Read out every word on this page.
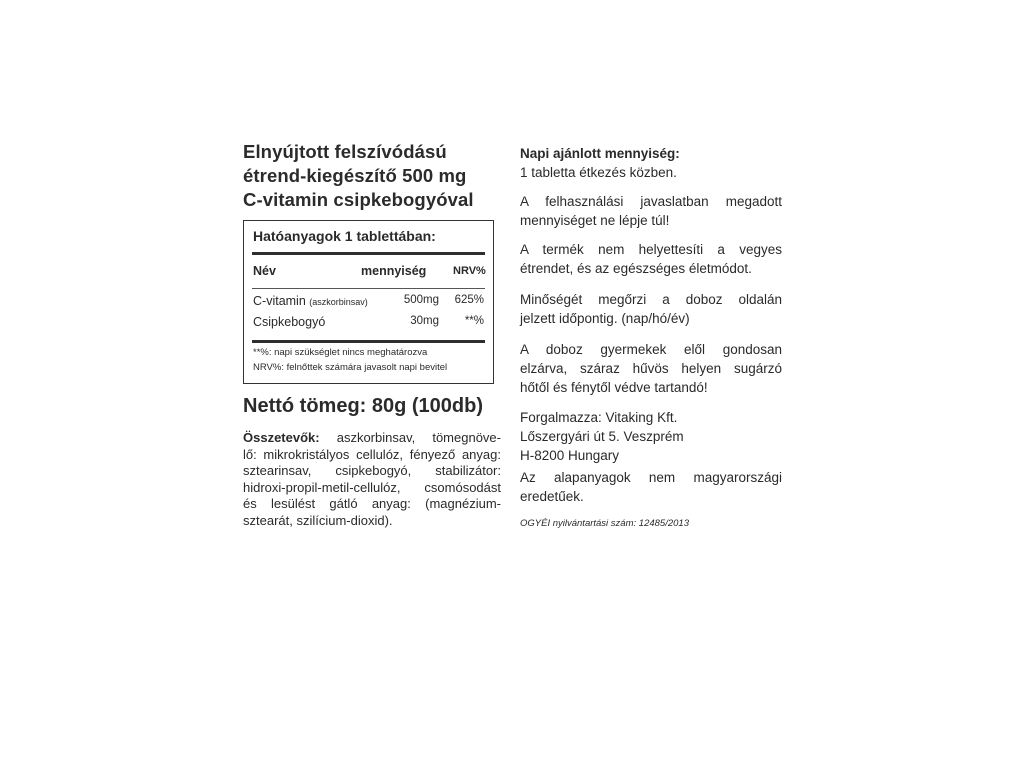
Elnyújtott felszívódású
étrend-kiegészítő 500 mg
C-vitamin csipkebogyóval
Hatóanyagok 1 tablettában:
Név	mennyiség NRV%
C-vitamin (aszkorbinsav)	500mg 625%
Csipkebogyó	30mg **%
**%: napi szükséglet nincs meghatározva
NRV%: felnőttek számára javasolt napi bevitel
Nettó tömeg: 80g (100db)
Összetevők: aszkorbinsav, tömegnöve-
lő: mikrokristályos cellulóz, fényező anyag:
sztearinsav, csipkebogyó, stabilizátor:
hidroxi-propil-metil-cellulóz, csomósodást
és lesülést gátló anyag: (magnézium-
sztearát, szilícium-dioxid).
Napi ajánlott mennyiség:
1 tabletta étkezés közben.
A felhasználási javaslatban megadott
mennyiséget ne lépje túl!
A termék nem helyettesíti a vegyes
étrendet, és az egészséges életmódot.
Minőségét megőrzi a doboz oldalán
jelzett időpontig. (nap/hó/év)
A doboz gyermekek elől gondosan
elzárva, száraz hűvös helyen sugárzó
hőtől és fénytől védve tartandó!
Forgalmazza: Vitaking Kft.
Lőszergyári út 5. Veszprém
H-8200 Hungary
Az alapanyagok nem magyarországi
eredetűek.
OGYÉI nyilvántartási szám: 12485/2013
